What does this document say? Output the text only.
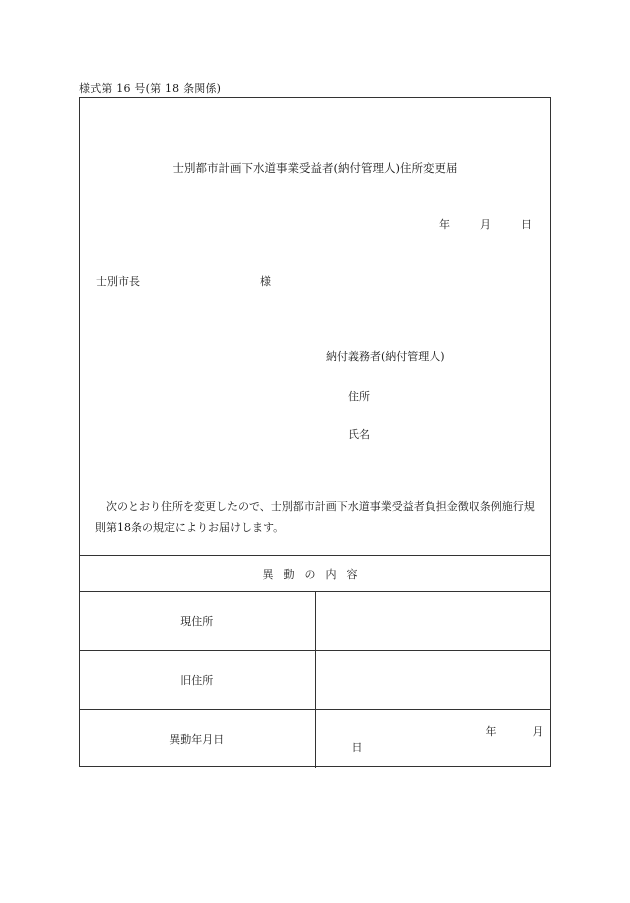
様式第 16 号(第 18 条関係)
士別都市計画下水道事業受益者(納付管理人)住所変更届
年	月	日
士別市長	様
納付義務者(納付管理人)
住所
氏名
次のとおり住所を変更したので、士別都市計画下水道事業受益者負担金徴収条例施行規則第18条の規定によりお届けします。
異動の内容	
現住所	
旧住所	
異動年月日	年 月日
